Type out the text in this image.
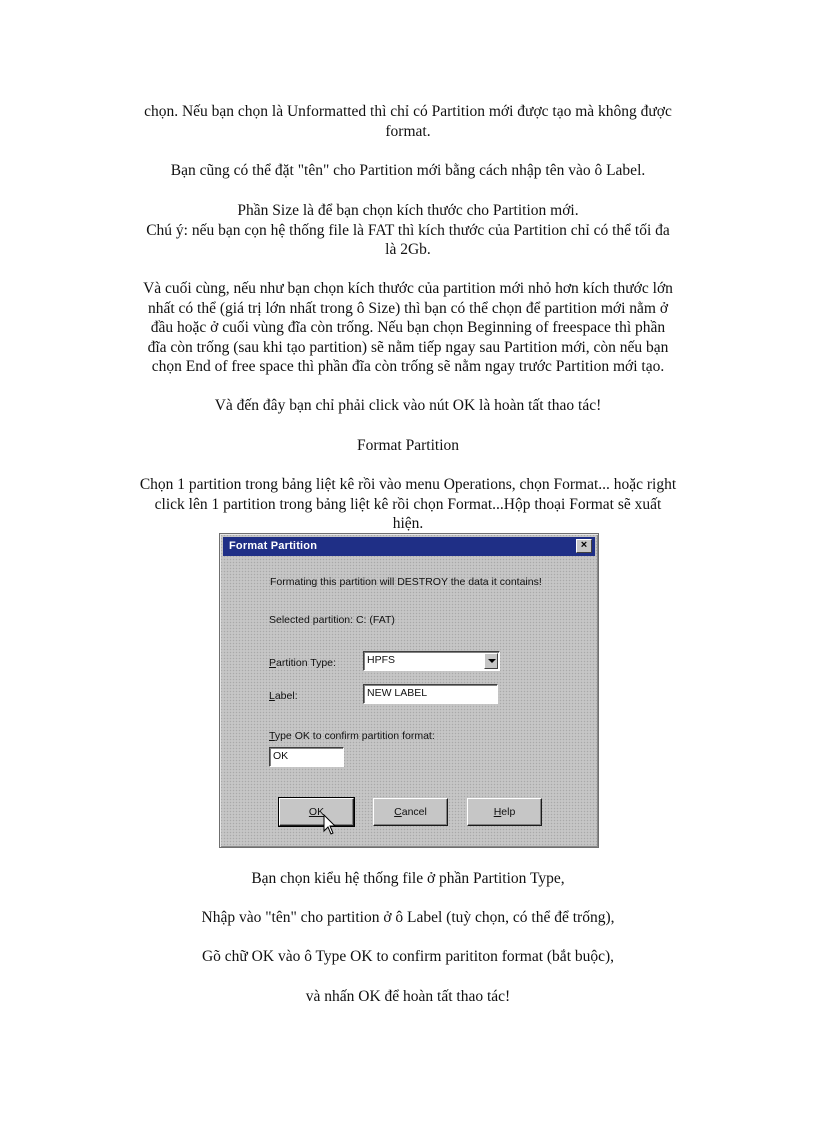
chọn. Nếu bạn chọn là Unformatted thì chỉ có Partition mới được tạo mà không được
format.

Bạn cũng có thể đặt "tên" cho Partition mới bằng cách nhập tên vào ô Label.

Phần Size là để bạn chọn kích thước cho Partition mới.
Chú ý: nếu bạn cọn hệ thống file là FAT thì kích thước của Partition chỉ có thể tối đa
là 2Gb.

Và cuối cùng, nếu như bạn chọn kích thước của partition mới nhỏ hơn kích thước lớn
nhất có thể (giá trị lớn nhất trong ô Size) thì bạn có thể chọn để partition mới nằm ở
đầu hoặc ở cuối vùng đĩa còn trống. Nếu bạn chọn Beginning of freespace thì phần
đĩa còn trống (sau khi tạo partition) sẽ nằm tiếp ngay sau Partition mới, còn nếu bạn
chọn End of free space thì phần đĩa còn trống sẽ nằm ngay trước Partition mới tạo.

Và đến đây bạn chỉ phải click vào nút OK là hoàn tất thao tác!

Format Partition

Chọn 1 partition trong bảng liệt kê rồi vào menu Operations, chọn Format... hoặc right
click lên 1 partition trong bảng liệt kê rồi chọn Format...Hộp thoại Format sẽ xuất
hiện.

Format Partition	×
Formating this partition will DESTROY the data it contains!
Selected partition: C: (FAT)
Partition Type:	HPFS
Label:	NEW LABEL
Type OK to confirm partition format:
OK
OK	Cancel	Help

Bạn chọn kiểu hệ thống file ở phần Partition Type,

Nhập vào "tên" cho partition ở ô Label (tuỳ chọn, có thể để trống),

Gõ chữ OK vào ô Type OK to confirm parititon format (bắt buộc),

và nhấn OK để hoàn tất thao tác!
